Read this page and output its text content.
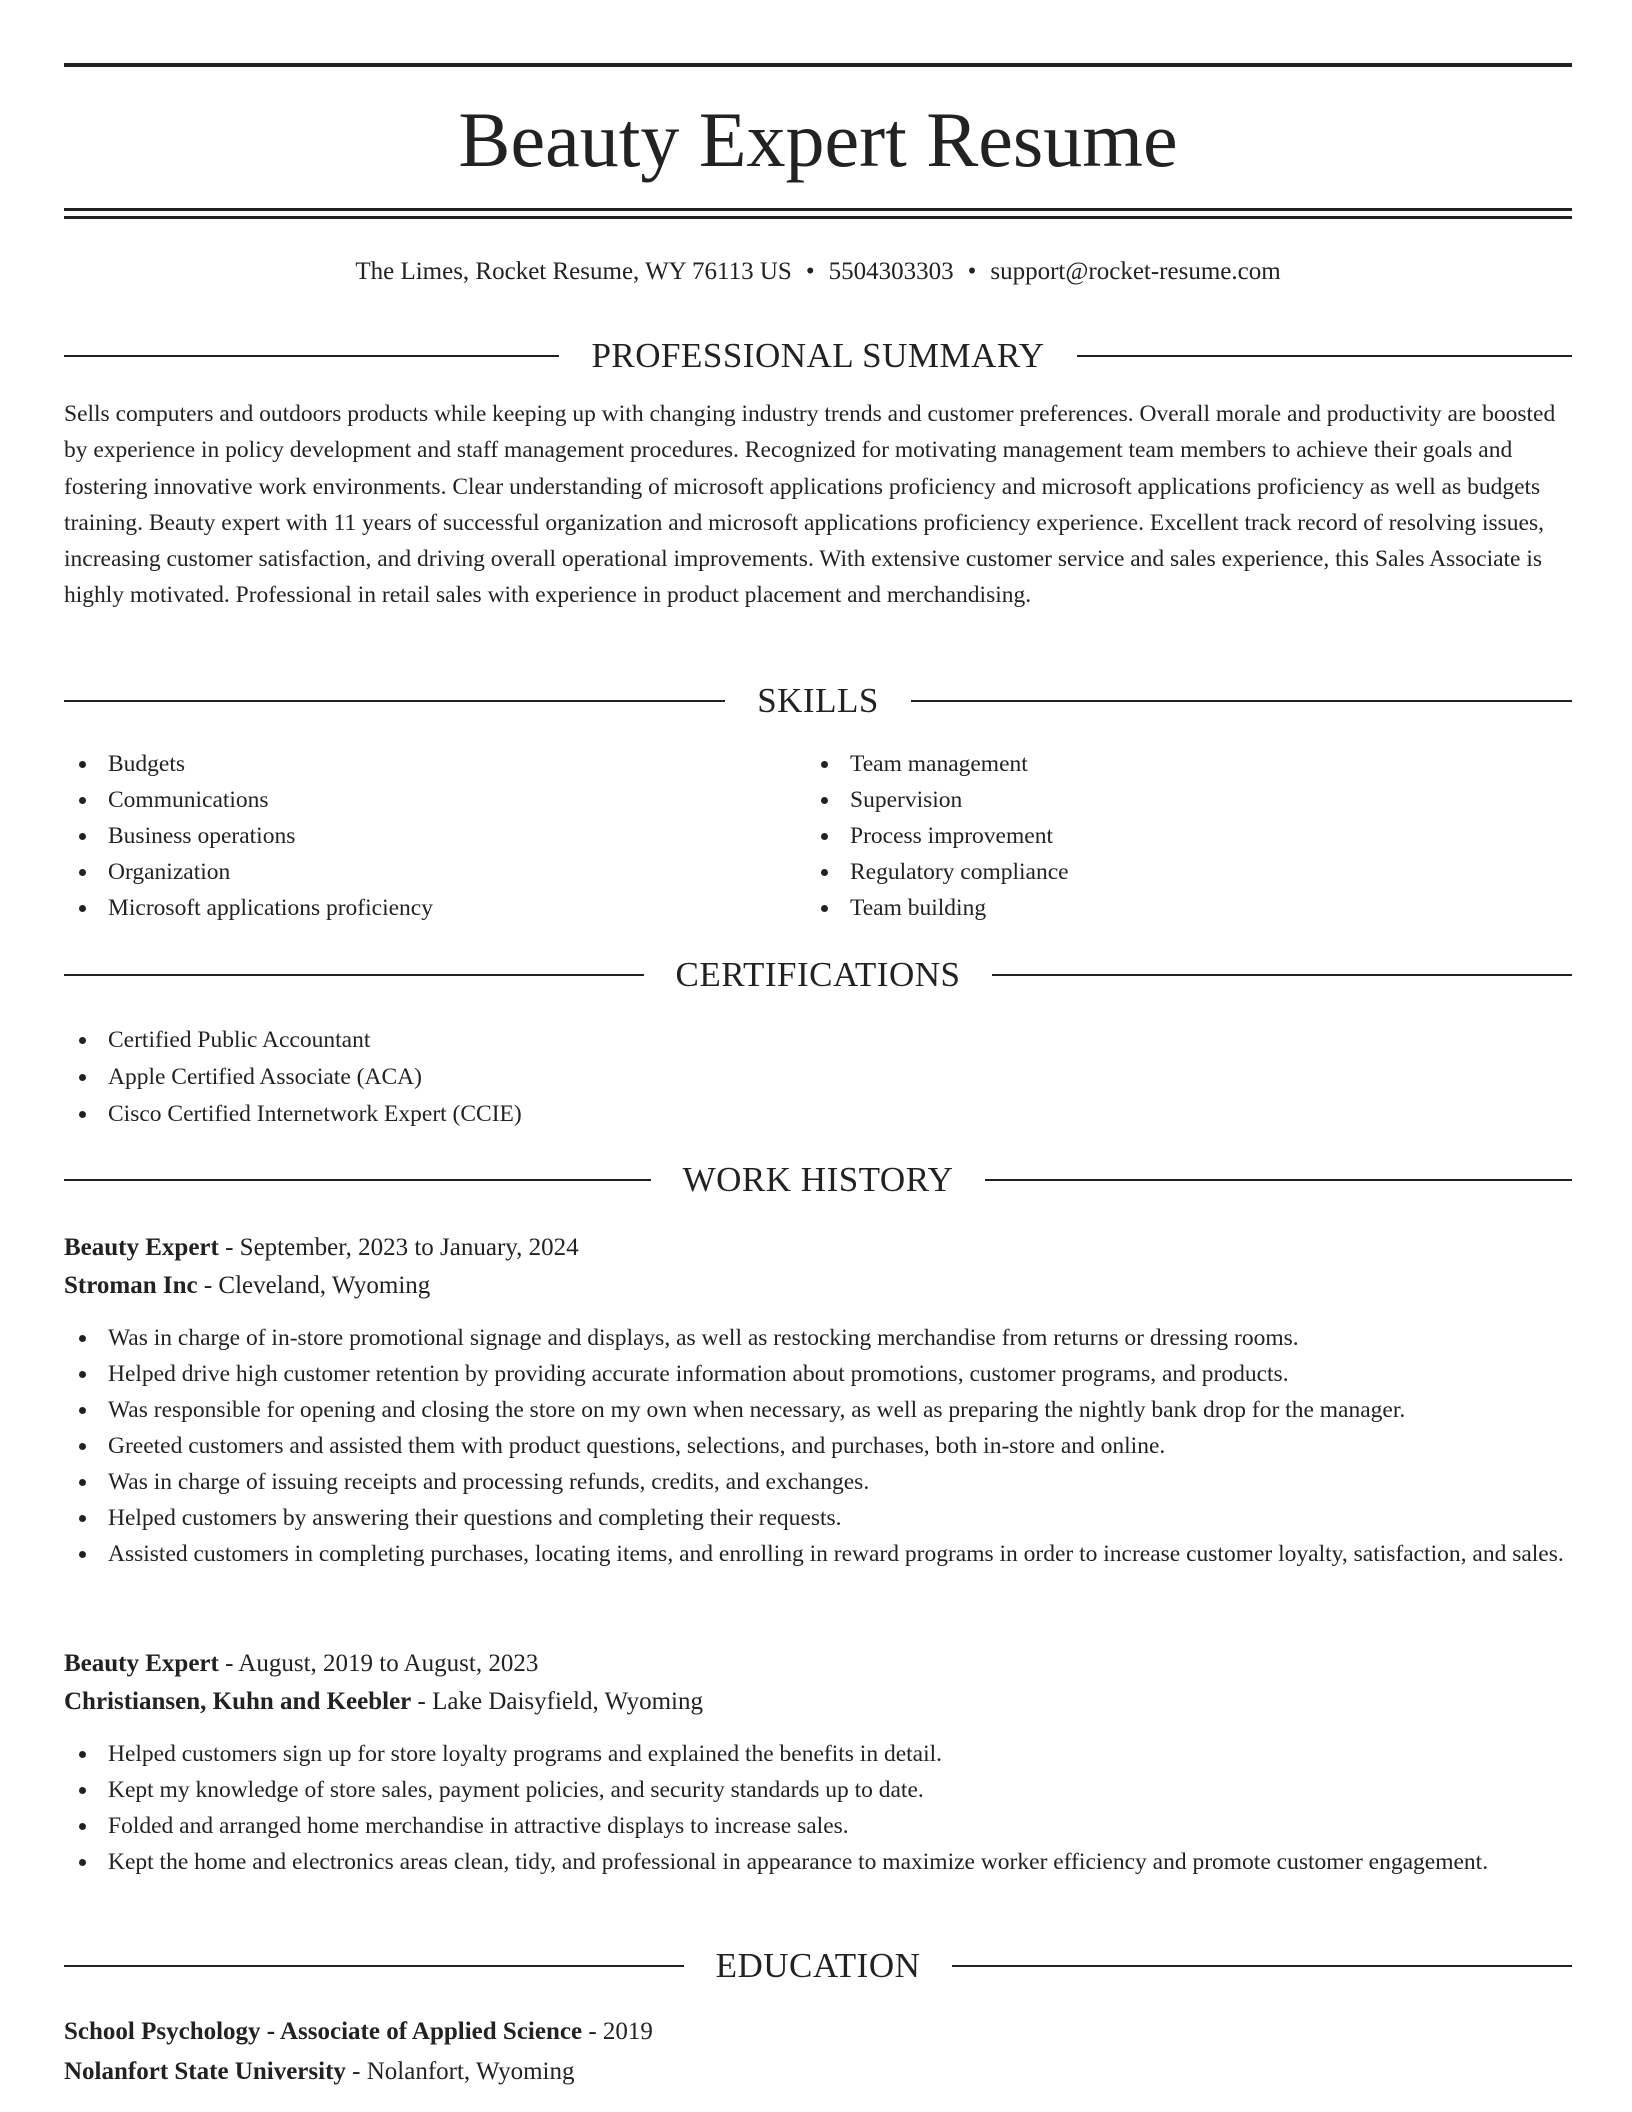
Beauty Expert Resume
The Limes, Rocket Resume, WY 76113 US • 5504303303 • support@rocket-resume.com
PROFESSIONAL SUMMARY

Sells computers and outdoors products while keeping up with changing industry trends and customer preferences. Overall morale and productivity are boosted by experience in policy development and staff management procedures. Recognized for motivating management team members to achieve their goals and fostering innovative work environments. Clear understanding of microsoft applications proficiency and microsoft applications proficiency as well as budgets training. Beauty expert with 11 years of successful organization and microsoft applications proficiency experience. Excellent track record of resolving issues, increasing customer satisfaction, and driving overall operational improvements. With extensive customer service and sales experience, this Sales Associate is highly motivated. Professional in retail sales with experience in product placement and merchandising.

SKILLS
Budgets
Communications
Business operations
Organization
Microsoft applications proficiency
Team management
Supervision
Process improvement
Regulatory compliance
Team building
CERTIFICATIONS
Certified Public Accountant
Apple Certified Associate (ACA)
Cisco Certified Internetwork Expert (CCIE)
WORK HISTORY
Beauty Expert - September, 2023 to January, 2024
Stroman Inc - Cleveland, Wyoming
Was in charge of in-store promotional signage and displays, as well as restocking merchandise from returns or dressing rooms.
Helped drive high customer retention by providing accurate information about promotions, customer programs, and products.
Was responsible for opening and closing the store on my own when necessary, as well as preparing the nightly bank drop for the manager.
Greeted customers and assisted them with product questions, selections, and purchases, both in-store and online.
Was in charge of issuing receipts and processing refunds, credits, and exchanges.
Helped customers by answering their questions and completing their requests.
Assisted customers in completing purchases, locating items, and enrolling in reward programs in order to increase customer loyalty, satisfaction, and sales.
Beauty Expert - August, 2019 to August, 2023
Christiansen, Kuhn and Keebler - Lake Daisyfield, Wyoming
Helped customers sign up for store loyalty programs and explained the benefits in detail.
Kept my knowledge of store sales, payment policies, and security standards up to date.
Folded and arranged home merchandise in attractive displays to increase sales.
Kept the home and electronics areas clean, tidy, and professional in appearance to maximize worker efficiency and promote customer engagement.
EDUCATION
School Psychology - Associate of Applied Science - 2019
Nolanfort State University - Nolanfort, Wyoming
